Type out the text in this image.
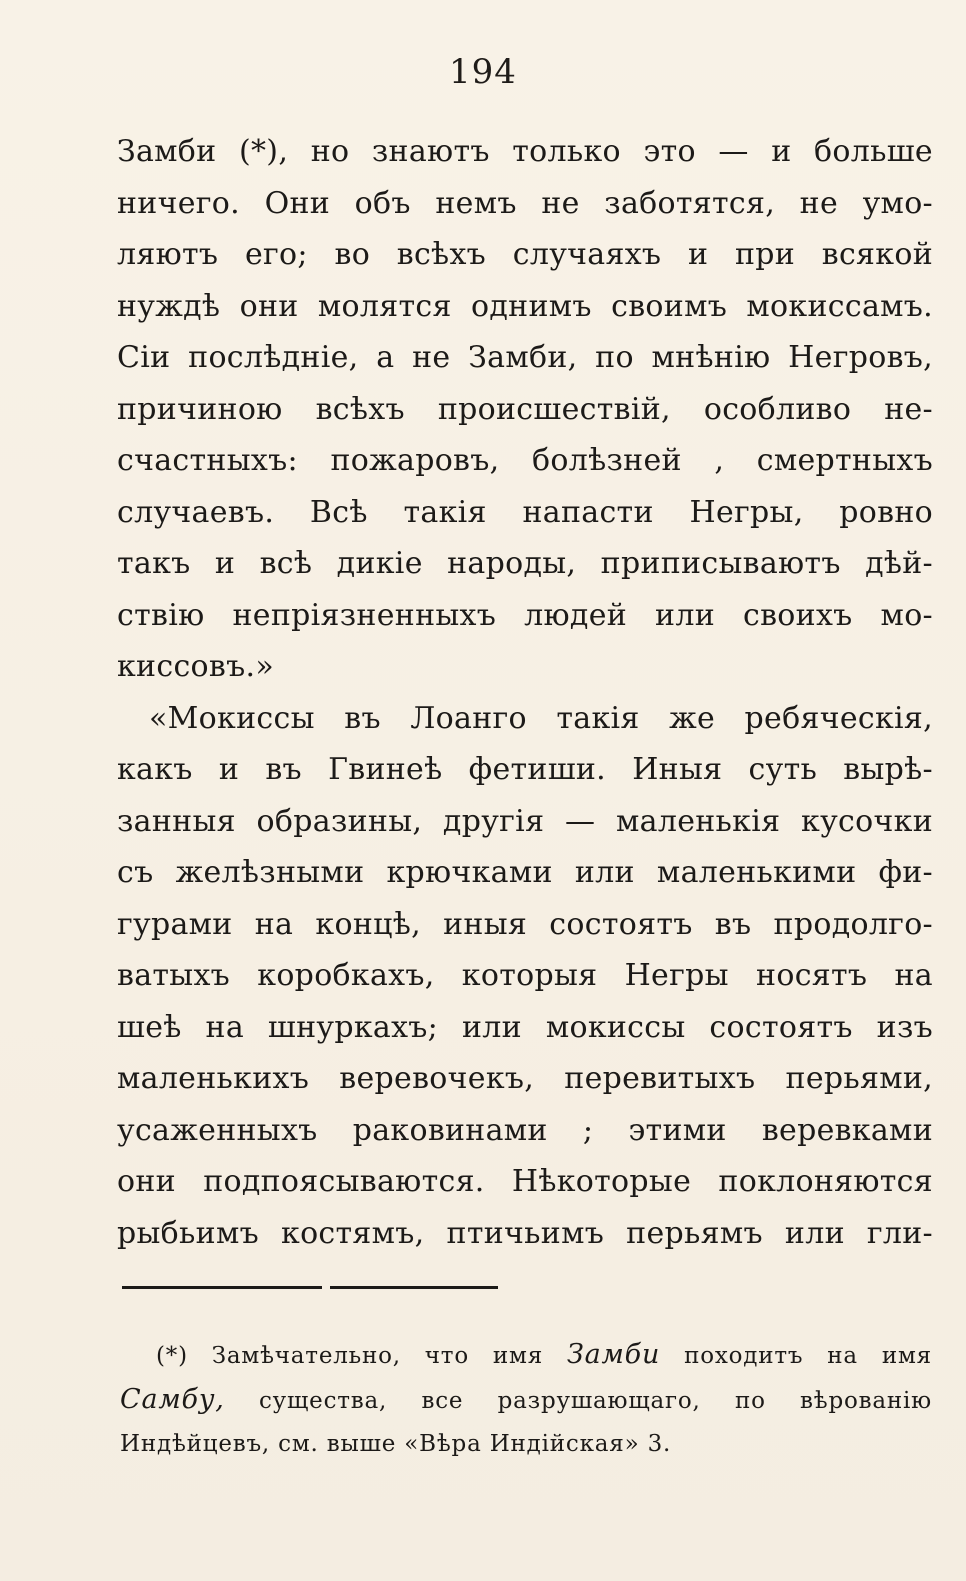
194
Замби (*), но знаютъ только это — и больше
ничего. Они объ немъ не заботятся, не умо-
ляютъ его; во всѣхъ случаяхъ и при всякой
нуждѣ они молятся однимъ своимъ мокиссамъ.
Сіи послѣдніе, а не Замби, по мнѣнію Негровъ,
причиною всѣхъ происшествій, особливо не-
счастныхъ: пожаровъ, болѣзней , смертныхъ
случаевъ. Всѣ такія напасти Негры, ровно
такъ и всѣ дикіе народы, приписываютъ дѣй-
ствію непріязненныхъ людей или своихъ мо-
киссовъ.»
«Мокиссы въ Лоанго такія же ребяческія,
какъ и въ Гвинеѣ фетиши. Иныя суть вырѣ-
занныя образины, другія — маленькія кусочки
съ желѣзными крючками или маленькими фи-
гурами на концѣ, иныя состоятъ въ продолго-
ватыхъ коробкахъ, которыя Негры носятъ на
шеѣ на шнуркахъ; или мокиссы состоятъ изъ
маленькихъ веревочекъ, перевитыхъ перьями,
усаженныхъ раковинами ; этими веревками
они подпоясываются. Нѣкоторые поклоняются
рыбьимъ костямъ, птичьимъ перьямъ или гли-
(*) Замѣчательно, что имя Замби походитъ на имя
Самбу, существа, все разрушающаго, по вѣрованію
Индѣйцевъ, см. выше «Вѣра Индійская» 3.
